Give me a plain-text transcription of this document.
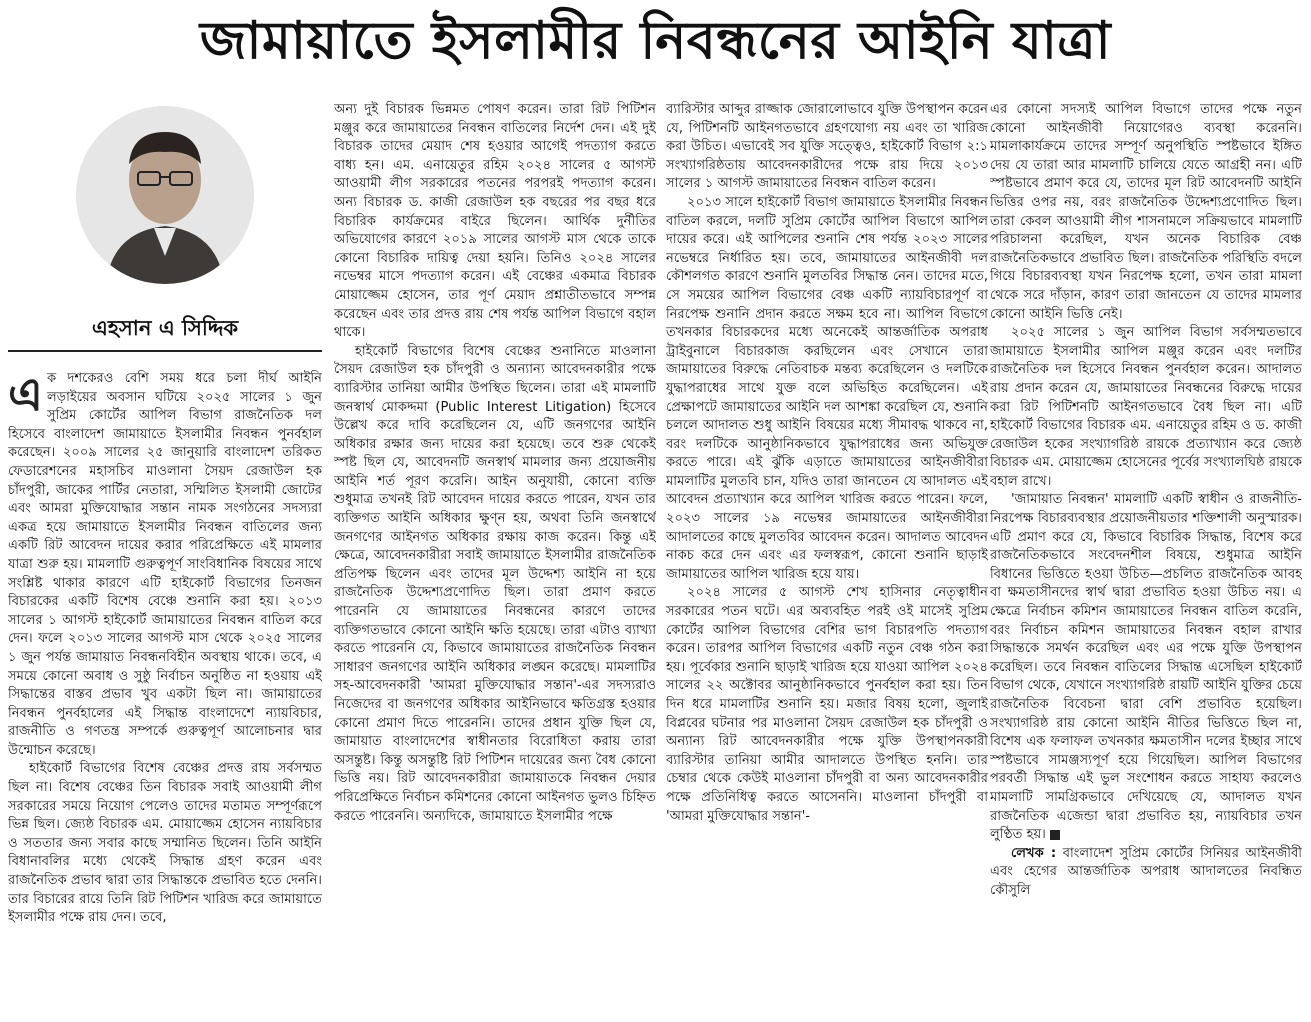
জামায়াতে ইসলামীর নিবন্ধনের আইনি যাত্রা
এহসান এ সিদ্দিক

এক দশকেরও বেশি সময় ধরে চলা দীর্ঘ আইনি লড়াইয়ের অবসান ঘটিয়ে ২০২৫ সালের ১ জুন সুপ্রিম কোর্টের আপিল বিভাগ রাজনৈতিক দল হিসেবে বাংলাদেশ জামায়াতে ইসলামীর নিবন্ধন পুনর্বহাল করেছেন। ২০০৯ সালের ২৫ জানুয়ারি বাংলাদেশ তরিকত ফেডারেশনের মহাসচিব মাওলানা সৈয়দ রেজাউল হক চাঁদপুরী, জাকের পার্টির নেতারা, সম্মিলিত ইসলামী জোটের এবং আমরা মুক্তিযোদ্ধার সন্তান নামক সংগঠনের সদস্যরা একত্র হয়ে জামায়াতে ইসলামীর নিবন্ধন বাতিলের জন্য একটি রিট আবেদন দায়ের করার পরিপ্রেক্ষিতে এই মামলার যাত্রা শুরু হয়। মামলাটি গুরুত্বপূর্ণ সাংবিধানিক বিষয়ের সাথে সংশ্লিষ্ট থাকার কারণে এটি হাইকোর্ট বিভাগের তিনজন বিচারকের একটি বিশেষ বেঞ্চে শুনানি করা হয়। ২০১৩ সালের ১ আগস্ট হাইকোর্ট জামায়াতের নিবন্ধন বাতিল করে দেন। ফলে ২০১৩ সালের আগস্ট মাস থেকে ২০২৫ সালের ১ জুন পর্যন্ত জামায়াত নিবন্ধনবিহীন অবস্থায় থাকে। তবে, এ সময়ে কোনো অবাধ ও সুষ্ঠু নির্বাচন অনুষ্ঠিত না হওয়ায় এই সিদ্ধান্তের বাস্তব প্রভাব খুব একটা ছিল না। জামায়াতের নিবন্ধন পুনর্বহালের এই সিদ্ধান্ত বাংলাদেশে ন্যায়বিচার, রাজনীতি ও গণতন্ত্র সম্পর্কে গুরুত্বপূর্ণ আলোচনার দ্বার উন্মোচন করেছে।

হাইকোর্ট বিভাগের বিশেষ বেঞ্চের প্রদত্ত রায় সর্বসম্মত ছিল না। বিশেষ বেঞ্চের তিন বিচারক সবাই আওয়ামী লীগ সরকারের সময়ে নিয়োগ পেলেও তাদের মতামত সম্পূর্ণরূপে ভিন্ন ছিল। জ্যেষ্ঠ বিচারক এম. মোয়াজ্জেম হোসেন ন্যায়বিচার ও সততার জন্য সবার কাছে সম্মানিত ছিলেন। তিনি আইনি বিধানাবলির মধ্যে থেকেই সিদ্ধান্ত গ্রহণ করেন এবং রাজনৈতিক প্রভাব দ্বারা তার সিদ্ধান্তকে প্রভাবিত হতে দেননি। তার বিচারের রায়ে তিনি রিট পিটিশন খারিজ করে জামায়াতে ইসলামীর পক্ষে রায় দেন। তবে,

অন্য দুই বিচারক ভিন্নমত পোষণ করেন। তারা রিট পিটিশন মঞ্জুর করে জামায়াতের নিবন্ধন বাতিলের নির্দেশ দেন। এই দুই বিচারক তাদের মেয়াদ শেষ হওয়ার আগেই পদত্যাগ করতে বাধ্য হন। এম. এনায়েতুর রহিম ২০২৪ সালের ৫ আগস্ট আওয়ামী লীগ সরকারের পতনের পরপরই পদত্যাগ করেন। অন্য বিচারক ড. কাজী রেজাউল হক বছরের পর বছর ধরে বিচারিক কার্যক্রমের বাইরে ছিলেন। আর্থিক দুর্নীতির অভিযোগের কারণে ২০১৯ সালের আগস্ট মাস থেকে তাকে কোনো বিচারিক দায়িত্ব দেয়া হয়নি। তিনিও ২০২৪ সালের নভেম্বর মাসে পদত্যাগ করেন। এই বেঞ্চের একমাত্র বিচারক মোয়াজ্জেম হোসেন, তার পূর্ণ মেয়াদ প্রশ্নাতীতভাবে সম্পন্ন করেছেন এবং তার প্রদত্ত রায় শেষ পর্যন্ত আপিল বিভাগে বহাল থাকে।

হাইকোর্ট বিভাগের বিশেষ বেঞ্চের শুনানিতে মাওলানা সৈয়দ রেজাউল হক চাঁদপুরী ও অন্যান্য আবেদনকারীর পক্ষে ব্যারিস্টার তানিয়া আমীর উপস্থিত ছিলেন। তারা এই মামলাটি জনস্বার্থ মোকদ্দমা (Public Interest Litigation) হিসেবে উল্লেখ করে দাবি করেছিলেন যে, এটি জনগণের আইনি অধিকার রক্ষার জন্য দায়ের করা হয়েছে। তবে শুরু থেকেই স্পষ্ট ছিল যে, আবেদনটি জনস্বার্থ মামলার জন্য প্রয়োজনীয় আইনি শর্ত পূরণ করেনি। আইন অনুযায়ী, কোনো ব্যক্তি শুধুমাত্র তখনই রিট আবেদন দায়ের করতে পারেন, যখন তার ব্যক্তিগত আইনি অধিকার ক্ষুণ্ন হয়, অথবা তিনি জনস্বার্থে জনগণের আইনগত অধিকার রক্ষায় কাজ করেন। কিন্তু এই ক্ষেত্রে, আবেদনকারীরা সবাই জামায়াতে ইসলামীর রাজনৈতিক প্রতিপক্ষ ছিলেন এবং তাদের মূল উদ্দেশ্য আইনি না হয়ে রাজনৈতিক উদ্দেশ্যপ্রণোদিত ছিল। তারা প্রমাণ করতে পারেননি যে জামায়াতের নিবন্ধনের কারণে তাদের ব্যক্তিগতভাবে কোনো আইনি ক্ষতি হয়েছে। তারা এটাও ব্যাখ্যা করতে পারেননি যে, কিভাবে জামায়াতের রাজনৈতিক নিবন্ধন সাধারণ জনগণের আইনি অধিকার লঙ্ঘন করেছে। মামলাটির সহ-আবেদনকারী 'আমরা মুক্তিযোদ্ধার সন্তান'-এর সদস্যরাও নিজেদের বা জনগণের অধিকার আইনিভাবে ক্ষতিগ্রস্ত হওয়ার কোনো প্রমাণ দিতে পারেননি। তাদের প্রধান যুক্তি ছিল যে, জামায়াত বাংলাদেশের স্বাধীনতার বিরোধিতা করায় তারা অসন্তুষ্ট। কিন্তু অসন্তুষ্টি রিট পিটিশন দায়েরের জন্য বৈধ কোনো ভিত্তি নয়। রিট আবেদনকারীরা জামায়াতকে নিবন্ধন দেয়ার পরিপ্রেক্ষিতে নির্বাচন কমিশনের কোনো আইনগত ভুলও চিহ্নিত করতে পারেননি। অন্যদিকে, জামায়াতে ইসলামীর পক্ষে

ব্যারিস্টার আব্দুর রাজ্জাক জোরালোভাবে যুক্তি উপস্থাপন করেন যে, পিটিশনটি আইনগতভাবে গ্রহণযোগ্য নয় এবং তা খারিজ করা উচিত। এভাবেই সব যুক্তি সত্ত্বেও, হাইকোর্ট বিভাগ ২:১ সংখ্যাগরিষ্ঠতায় আবেদনকারীদের পক্ষে রায় দিয়ে ২০১৩ সালের ১ আগস্ট জামায়াতের নিবন্ধন বাতিল করেন।

২০১৩ সালে হাইকোর্ট বিভাগ জামায়াতে ইসলামীর নিবন্ধন বাতিল করলে, দলটি সুপ্রিম কোর্টের আপিল বিভাগে আপিল দায়ের করে। এই আপিলের শুনানি শেষ পর্যন্ত ২০২৩ সালের নভেম্বরে নির্ধারিত হয়। তবে, জামায়াতের আইনজীবী দল কৌশলগত কারণে শুনানি মুলতবির সিদ্ধান্ত নেন। তাদের মতে, সে সময়ের আপিল বিভাগের বেঞ্চ একটি ন্যায়বিচারপূর্ণ বা নিরপেক্ষ শুনানি প্রদান করতে সক্ষম হবে না। আপিল বিভাগে তখনকার বিচারকদের মধ্যে অনেকেই আন্তর্জাতিক অপরাধ ট্রাইবুনালে বিচারকাজ করছিলেন এবং সেখানে তারা জামায়াতের বিরুদ্ধে নেতিবাচক মন্তব্য করেছিলেন ও দলটিকে যুদ্ধাপরাধের সাথে যুক্ত বলে অভিহিত করেছিলেন। এই প্রেক্ষাপটে জামায়াতের আইনি দল আশঙ্কা করেছিল যে, শুনানি চললে আদালত শুধু আইনি বিষয়ের মধ্যে সীমাবদ্ধ থাকবে না, বরং দলটিকে আনুষ্ঠানিকভাবে যুদ্ধাপরাধের জন্য অভিযুক্ত করতে পারে। এই ঝুঁকি এড়াতে জামায়াতের আইনজীবীরা মামলাটির মুলতবি চান, যদিও তারা জানতেন যে আদালত এই আবেদন প্রত্যাখ্যান করে আপিল খারিজ করতে পারেন। ফলে, ২০২৩ সালের ১৯ নভেম্বর জামায়াতের আইনজীবীরা আদালতের কাছে মুলতবির আবেদন করেন। আদালত আবেদন নাকচ করে দেন এবং এর ফলস্বরূপ, কোনো শুনানি ছাড়াই জামায়াতের আপিল খারিজ হয়ে যায়।

২০২৪ সালের ৫ আগস্ট শেখ হাসিনার নেতৃত্বাধীন সরকারের পতন ঘটে। এর অব্যবহিত পরই ওই মাসেই সুপ্রিম কোর্টের আপিল বিভাগের বেশির ভাগ বিচারপতি পদত্যাগ করেন। তারপর আপিল বিভাগের একটি নতুন বেঞ্চ গঠন করা হয়। পূর্বেকার শুনানি ছাড়াই খারিজ হয়ে যাওয়া আপিল ২০২৪ সালের ২২ অক্টোবর আনুষ্ঠানিকভাবে পুনর্বহাল করা হয়। তিন দিন ধরে মামলাটির শুনানি হয়। মজার বিষয় হলো, জুলাই বিপ্লবের ঘটনার পর মাওলানা সৈয়দ রেজাউল হক চাঁদপুরী ও অন্যান্য রিট আবেদনকারীর পক্ষে যুক্তি উপস্থাপনকারী ব্যারিস্টার তানিয়া আমীর আদালতে উপস্থিত হননি। তার চেম্বার থেকে কেউই মাওলানা চাঁদপুরী বা অন্য আবেদনকারীর পক্ষে প্রতিনিধিত্ব করতে আসেননি। মাওলানা চাঁদপুরী বা 'আমরা মুক্তিযোদ্ধার সন্তান'-

এর কোনো সদস্যই আপিল বিভাগে তাদের পক্ষে নতুন কোনো আইনজীবী নিয়োগেরও ব্যবস্থা করেননি। মামলাকার্যক্রমে তাদের সম্পূর্ণ অনুপস্থিতি স্পষ্টভাবে ইঙ্গিত দেয় যে তারা আর মামলাটি চালিয়ে যেতে আগ্রহী নন। এটি স্পষ্টভাবে প্রমাণ করে যে, তাদের মূল রিট আবেদনটি আইনি ভিত্তির ওপর নয়, বরং রাজনৈতিক উদ্দেশ্যপ্রণোদিত ছিল। তারা কেবল আওয়ামী লীগ শাসনামলে সক্রিয়ভাবে মামলাটি পরিচালনা করেছিল, যখন অনেক বিচারিক বেঞ্চ রাজনৈতিকভাবে প্রভাবিত ছিল। রাজনৈতিক পরিস্থিতি বদলে গিয়ে বিচারব্যবস্থা যখন নিরপেক্ষ হলো, তখন তারা মামলা থেকে সরে দাঁড়ান, কারণ তারা জানতেন যে তাদের মামলার কোনো আইনি ভিত্তি নেই।

২০২৫ সালের ১ জুন আপিল বিভাগ সর্বসম্মতভাবে জামায়াতে ইসলামীর আপিল মঞ্জুর করেন এবং দলটির রাজনৈতিক দল হিসেবে নিবন্ধন পুনর্বহাল করেন। আদালত রায় প্রদান করেন যে, জামায়াতের নিবন্ধনের বিরুদ্ধে দায়ের করা রিট পিটিশনটি আইনগতভাবে বৈধ ছিল না। এটি হাইকোর্ট বিভাগের বিচারক এম. এনায়েতুর রহিম ও ড. কাজী রেজাউল হকের সংখ্যাগরিষ্ঠ রায়কে প্রত্যাখ্যান করে জ্যেষ্ঠ বিচারক এম. মোয়াজ্জেম হোসেনের পূর্বের সংখ্যালঘিষ্ঠ রায়কে বহাল রাখে।

'জামায়াত নিবন্ধন' মামলাটি একটি স্বাধীন ও রাজনীতি-নিরপেক্ষ বিচারব্যবস্থার প্রয়োজনীয়তার শক্তিশালী অনুস্মারক। এটি প্রমাণ করে যে, কিভাবে বিচারিক সিদ্ধান্ত, বিশেষ করে রাজনৈতিকভাবে সংবেদনশীল বিষয়ে, শুধুমাত্র আইনি বিধানের ভিত্তিতে হওয়া উচিত—প্রচলিত রাজনৈতিক আবহ বা ক্ষমতাসীনদের স্বার্থ দ্বারা প্রভাবিত হওয়া উচিত নয়। এ ক্ষেত্রে নির্বাচন কমিশন জামায়াতের নিবন্ধন বাতিল করেনি, বরং নির্বাচন কমিশন জামায়াতের নিবন্ধন বহাল রাখার সিদ্ধান্তকে সমর্থন করেছিল এবং এর পক্ষে যুক্তি উপস্থাপন করেছিল। তবে নিবন্ধন বাতিলের সিদ্ধান্ত এসেছিল হাইকোর্ট বিভাগ থেকে, যেখানে সংখ্যাগরিষ্ঠ রায়টি আইনি যুক্তির চেয়ে রাজনৈতিক বিবেচনা দ্বারা বেশি প্রভাবিত হয়েছিল। সংখ্যাগরিষ্ঠ রায় কোনো আইনি নীতির ভিত্তিতে ছিল না, বিশেষ এক ফলাফল তখনকার ক্ষমতাসীন দলের ইচ্ছার সাথে স্পষ্টভাবে সামঞ্জস্যপূর্ণ হয়ে গিয়েছিল। আপিল বিভাগের পরবর্তী সিদ্ধান্ত এই ভুল সংশোধন করতে সাহায্য করলেও মামলাটি সামগ্রিকভাবে দেখিয়েছে যে, আদালত যখন রাজনৈতিক এজেন্ডা দ্বারা প্রভাবিত হয়, ন্যায়বিচার তখন লুণ্ঠিত হয়।

লেখক : বাংলাদেশ সুপ্রিম কোর্টের সিনিয়র আইনজীবী এবং হেগের আন্তর্জাতিক অপরাধ আদালতের নিবন্ধিত কৌসুলি
